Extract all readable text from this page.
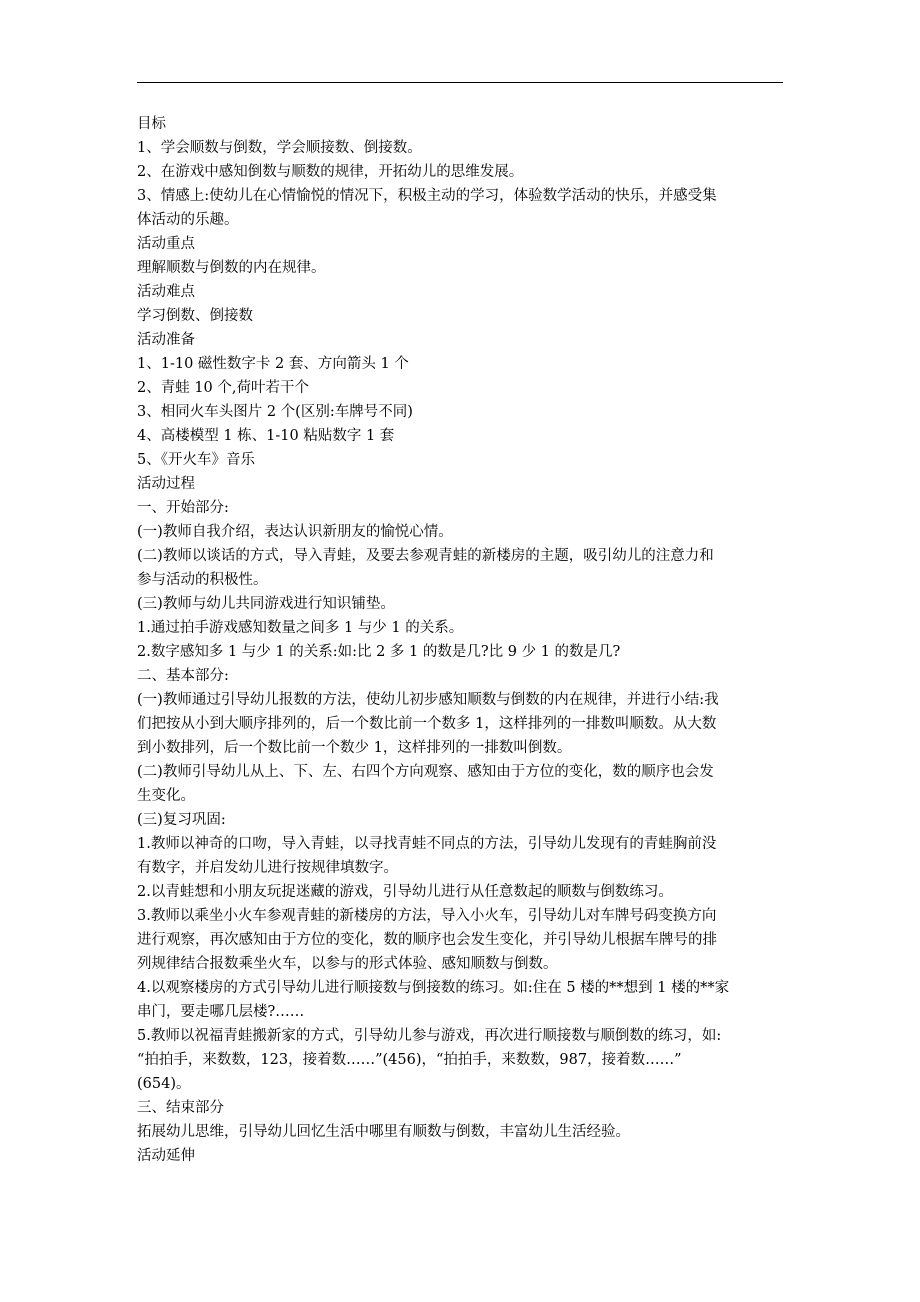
目标
1、学会顺数与倒数，学会顺接数、倒接数。
2、在游戏中感知倒数与顺数的规律，开拓幼儿的思维发展。
3、情感上:使幼儿在心情愉悦的情况下，积极主动的学习，体验数学活动的快乐，并感受集
体活动的乐趣。
活动重点
理解顺数与倒数的内在规律。
活动难点
学习倒数、倒接数
活动准备
1、1-10 磁性数字卡 2 套、方向箭头 1 个
2、青蛙 10 个,荷叶若干个
3、相同火车头图片 2 个(区别:车牌号不同)
4、高楼模型 1 栋、1-10 粘贴数字 1 套
5、《开火车》音乐
活动过程
一、开始部分:
(一)教师自我介绍，表达认识新朋友的愉悦心情。
(二)教师以谈话的方式，导入青蛙，及要去参观青蛙的新楼房的主题，吸引幼儿的注意力和
参与活动的积极性。
(三)教师与幼儿共同游戏进行知识铺垫。
1.通过拍手游戏感知数量之间多 1 与少 1 的关系。
2.数字感知多 1 与少 1 的关系:如:比 2 多 1 的数是几?比 9 少 1 的数是几?
二、基本部分:
(一)教师通过引导幼儿报数的方法，使幼儿初步感知顺数与倒数的内在规律，并进行小结:我
们把按从小到大顺序排列的，后一个数比前一个数多 1，这样排列的一排数叫顺数。从大数
到小数排列，后一个数比前一个数少 1，这样排列的一排数叫倒数。
(二)教师引导幼儿从上、下、左、右四个方向观察、感知由于方位的变化，数的顺序也会发
生变化。
(三)复习巩固:
1.教师以神奇的口吻，导入青蛙，以寻找青蛙不同点的方法，引导幼儿发现有的青蛙胸前没
有数字，并启发幼儿进行按规律填数字。
2.以青蛙想和小朋友玩捉迷藏的游戏，引导幼儿进行从任意数起的顺数与倒数练习。
3.教师以乘坐小火车参观青蛙的新楼房的方法，导入小火车，引导幼儿对车牌号码变换方向
进行观察，再次感知由于方位的变化，数的顺序也会发生变化，并引导幼儿根据车牌号的排
列规律结合报数乘坐火车，以参与的形式体验、感知顺数与倒数。
4.以观察楼房的方式引导幼儿进行顺接数与倒接数的练习。如:住在 5 楼的**想到 1 楼的**家
串门，要走哪几层楼?……
5.教师以祝福青蛙搬新家的方式，引导幼儿参与游戏，再次进行顺接数与顺倒数的练习，如:
“拍拍手，来数数，123，接着数……”(456)，“拍拍手，来数数，987，接着数……”
(654)。
三、结束部分
拓展幼儿思维，引导幼儿回忆生活中哪里有顺数与倒数，丰富幼儿生活经验。
活动延伸
